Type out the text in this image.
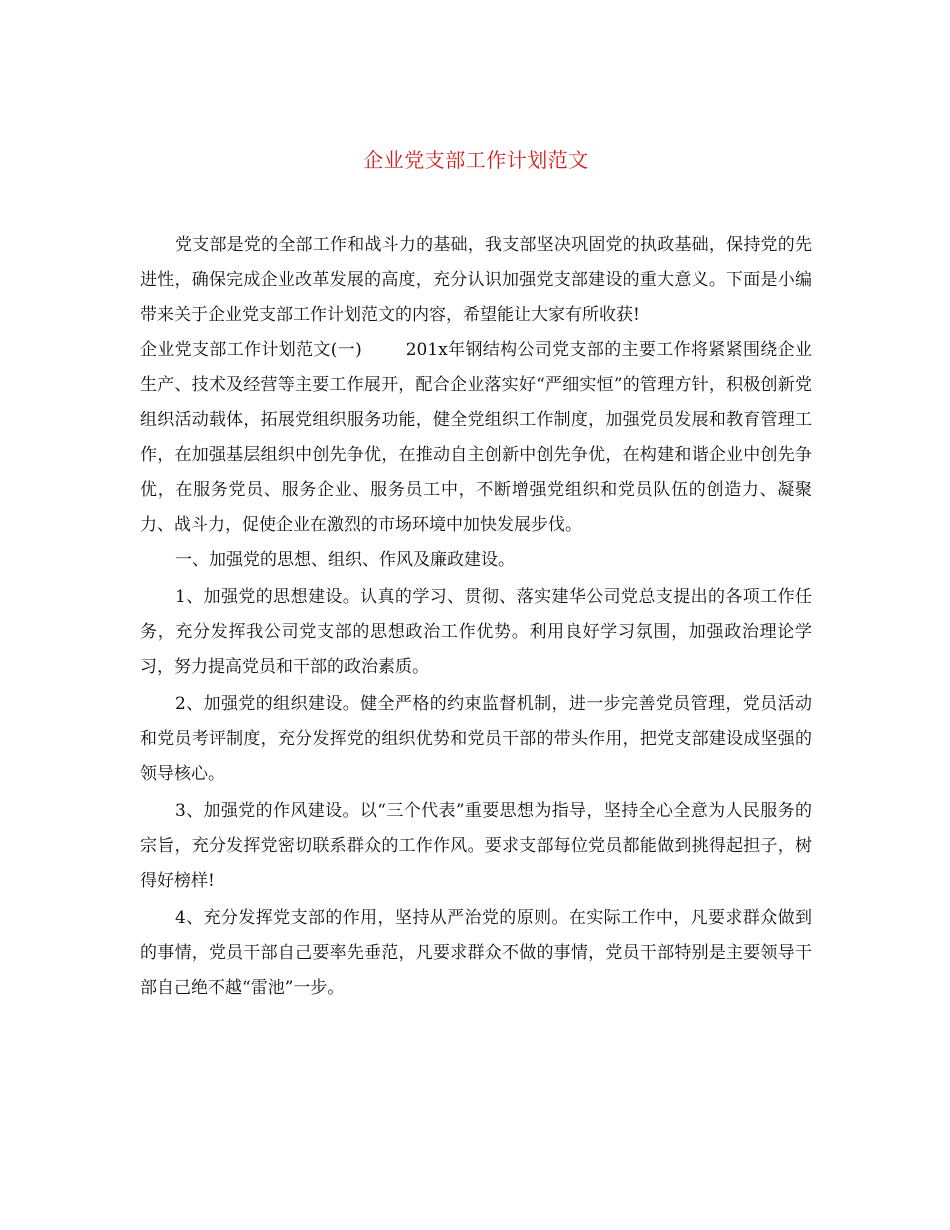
企业党支部工作计划范文

党支部是党的全部工作和战斗力的基础，我支部坚决巩固党的执政基础，保持党的先进性，确保完成企业改革发展的高度，充分认识加强党支部建设的重大意义。下面是小编带来关于企业党支部工作计划范文的内容，希望能让大家有所收获!

企业党支部工作计划范文(一)	201x年钢结构公司党支部的主要工作将紧紧围绕企业生产、技术及经营等主要工作展开，配合企业落实好“严细实恒”的管理方针，积极创新党组织活动载体，拓展党组织服务功能，健全党组织工作制度，加强党员发展和教育管理工作，在加强基层组织中创先争优，在推动自主创新中创先争优，在构建和谐企业中创先争优，在服务党员、服务企业、服务员工中，不断增强党组织和党员队伍的创造力、凝聚力、战斗力，促使企业在激烈的市场环境中加快发展步伐。

一、加强党的思想、组织、作风及廉政建设。

1、加强党的思想建设。认真的学习、贯彻、落实建华公司党总支提出的各项工作任务，充分发挥我公司党支部的思想政治工作优势。利用良好学习氛围，加强政治理论学习，努力提高党员和干部的政治素质。

2、加强党的组织建设。健全严格的约束监督机制，进一步完善党员管理，党员活动和党员考评制度，充分发挥党的组织优势和党员干部的带头作用，把党支部建设成坚强的领导核心。

3、加强党的作风建设。以“三个代表”重要思想为指导，坚持全心全意为人民服务的宗旨，充分发挥党密切联系群众的工作作风。要求支部每位党员都能做到挑得起担子，树得好榜样!

4、充分发挥党支部的作用，坚持从严治党的原则。在实际工作中，凡要求群众做到的事情，党员干部自己要率先垂范，凡要求群众不做的事情，党员干部特别是主要领导干部自己绝不越“雷池”一步。
